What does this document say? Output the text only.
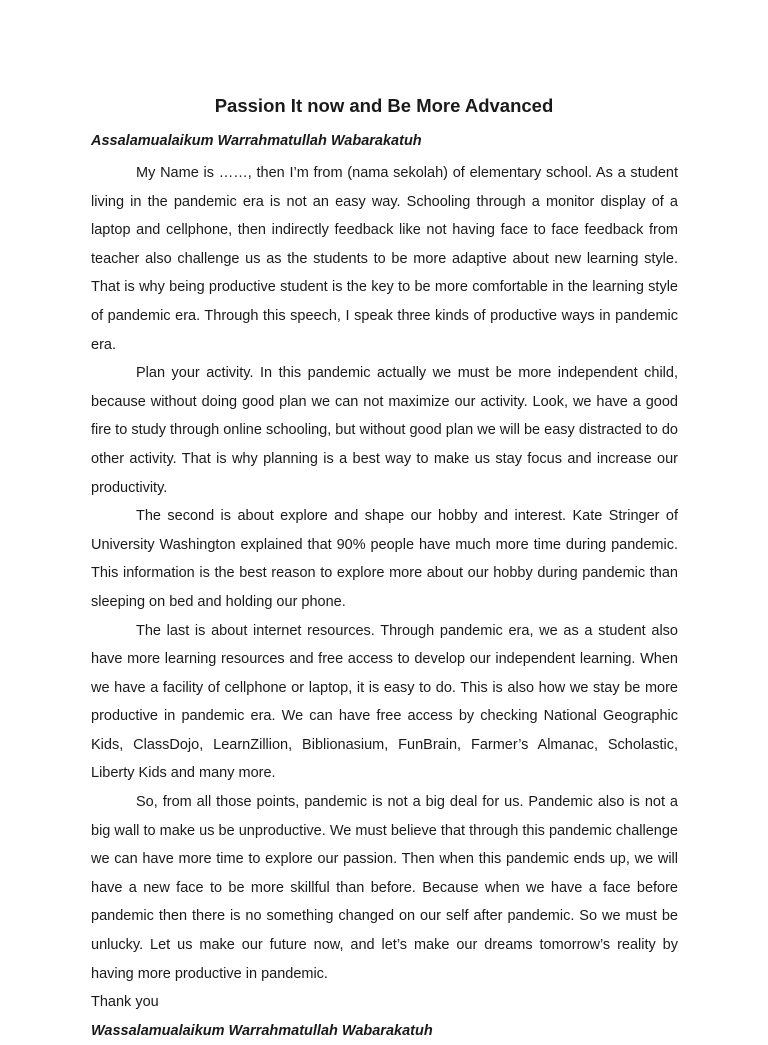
Passion It now and Be More Advanced

Assalamualaikum Warrahmatullah Wabarakatuh

My Name is ……, then I’m from (nama sekolah) of elementary school. As a student living in the pandemic era is not an easy way. Schooling through a monitor display of a laptop and cellphone, then indirectly feedback like not having face to face feedback from teacher also challenge us as the students to be more adaptive about new learning style. That is why being productive student is the key to be more comfortable in the learning style of pandemic era. Through this speech, I speak three kinds of productive ways in pandemic era.

Plan your activity. In this pandemic actually we must be more independent child, because without doing good plan we can not maximize our activity. Look, we have a good fire to study through online schooling, but without good plan we will be easy distracted to do other activity. That is why planning is a best way to make us stay focus and increase our productivity.

The second is about explore and shape our hobby and interest. Kate Stringer of University Washington explained that 90% people have much more time during pandemic. This information is the best reason to explore more about our hobby during pandemic than sleeping on bed and holding our phone.

The last is about internet resources. Through pandemic era, we as a student also have more learning resources and free access to develop our independent learning. When we have a facility of cellphone or laptop, it is easy to do. This is also how we stay be more productive in pandemic era. We can have free access by checking National Geographic Kids, ClassDojo, LearnZillion, Biblionasium, FunBrain, Farmer’s Almanac, Scholastic, Liberty Kids and many more.

So, from all those points, pandemic is not a big deal for us. Pandemic also is not a big wall to make us be unproductive. We must believe that through this pandemic challenge we can have more time to explore our passion. Then when this pandemic ends up, we will have a new face to be more skillful than before. Because when we have a face before pandemic then there is no something changed on our self after pandemic. So we must be unlucky. Let us make our future now, and let’s make our dreams tomorrow’s reality by having more productive in pandemic.

Thank you

Wassalamualaikum Warrahmatullah Wabarakatuh
